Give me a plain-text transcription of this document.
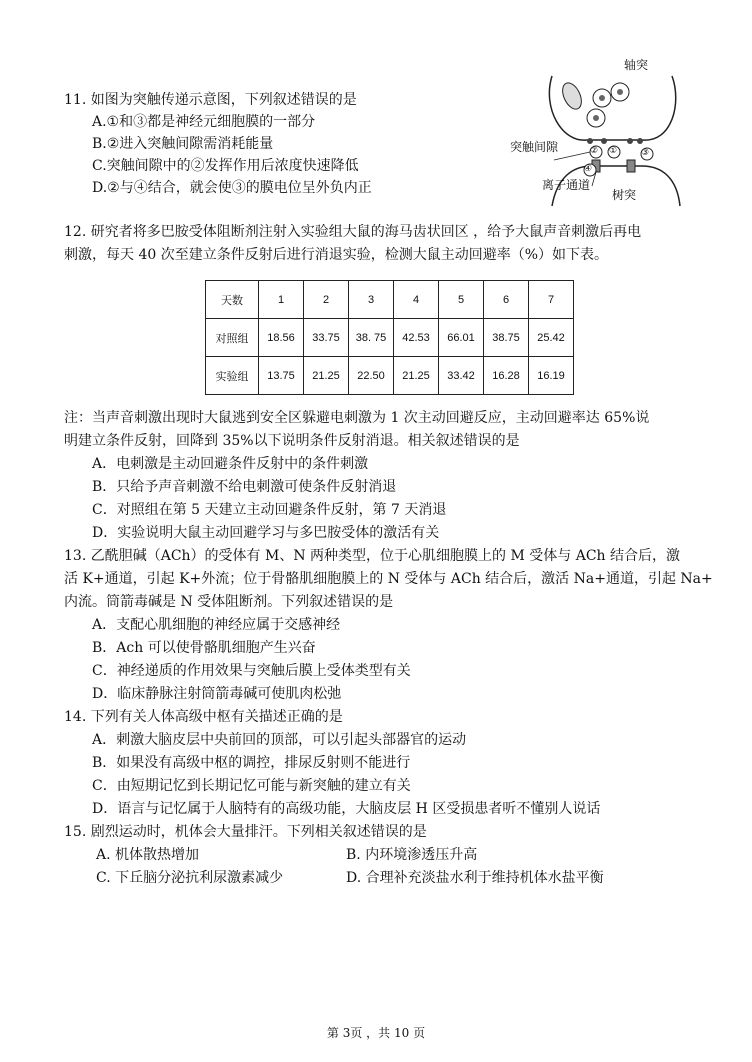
11. 如图为突触传递示意图，下列叙述错误的是
A.①和③都是神经元细胞膜的一部分
B.②进入突触间隙需消耗能量
C.突触间隙中的②发挥作用后浓度快速降低
D.②与④结合，就会使③的膜电位呈外负内正
轴突
突触间隙
离子通道
树突
② ①	③
④
12. 研究者将多巴胺受体阻断剂注射入实验组大鼠的海马齿状回区 ，给予大鼠声音刺激后再电
刺激，每天 40 次至建立条件反射后进行消退实验，检测大鼠主动回避率（%）如下表。
天数	1	2	3	4	5	6	7
对照组	18.56	33.75	38. 75	42.53	66.01	38.75	25.42
实验组	13.75	21.25	22.50	21.25	33.42	16.28	16.19
注：当声音刺激出现时大鼠逃到安全区躲避电刺激为 1 次主动回避反应，主动回避率达 65%说
明建立条件反射，回降到 35%以下说明条件反射消退。相关叙述错误的是
A．电刺激是主动回避条件反射中的条件刺激
B．只给予声音刺激不给电刺激可使条件反射消退
C．对照组在第 5 天建立主动回避条件反射，第 7 天消退
D．实验说明大鼠主动回避学习与多巴胺受体的激活有关
13. 乙酰胆碱（ACh）的受体有 M、N 两种类型，位于心肌细胞膜上的 M 受体与 ACh 结合后，激
活 K+通道，引起 K+外流；位于骨骼肌细胞膜上的 N 受体与 ACh 结合后，激活 Na+通道，引起 Na+
内流。筒箭毒碱是 N 受体阻断剂。下列叙述错误的是
A．支配心肌细胞的神经应属于交感神经
B．Ach 可以使骨骼肌细胞产生兴奋
C．神经递质的作用效果与突触后膜上受体类型有关
D．临床静脉注射筒箭毒碱可使肌肉松弛
14. 下列有关人体高级中枢有关描述正确的是
A．刺激大脑皮层中央前回的顶部，可以引起头部器官的运动
B．如果没有高级中枢的调控，排尿反射则不能进行
C．由短期记忆到长期记忆可能与新突触的建立有关
D．语言与记忆属于人脑特有的高级功能，大脑皮层 H 区受损患者听不懂别人说话
15. 剧烈运动时，机体会大量排汗。下列相关叙述错误的是
A. 机体散热增加	B. 内环境渗透压升高
C. 下丘脑分泌抗利尿激素减少	D. 合理补充淡盐水利于维持机体水盐平衡
第 3页 ，共 10 页
